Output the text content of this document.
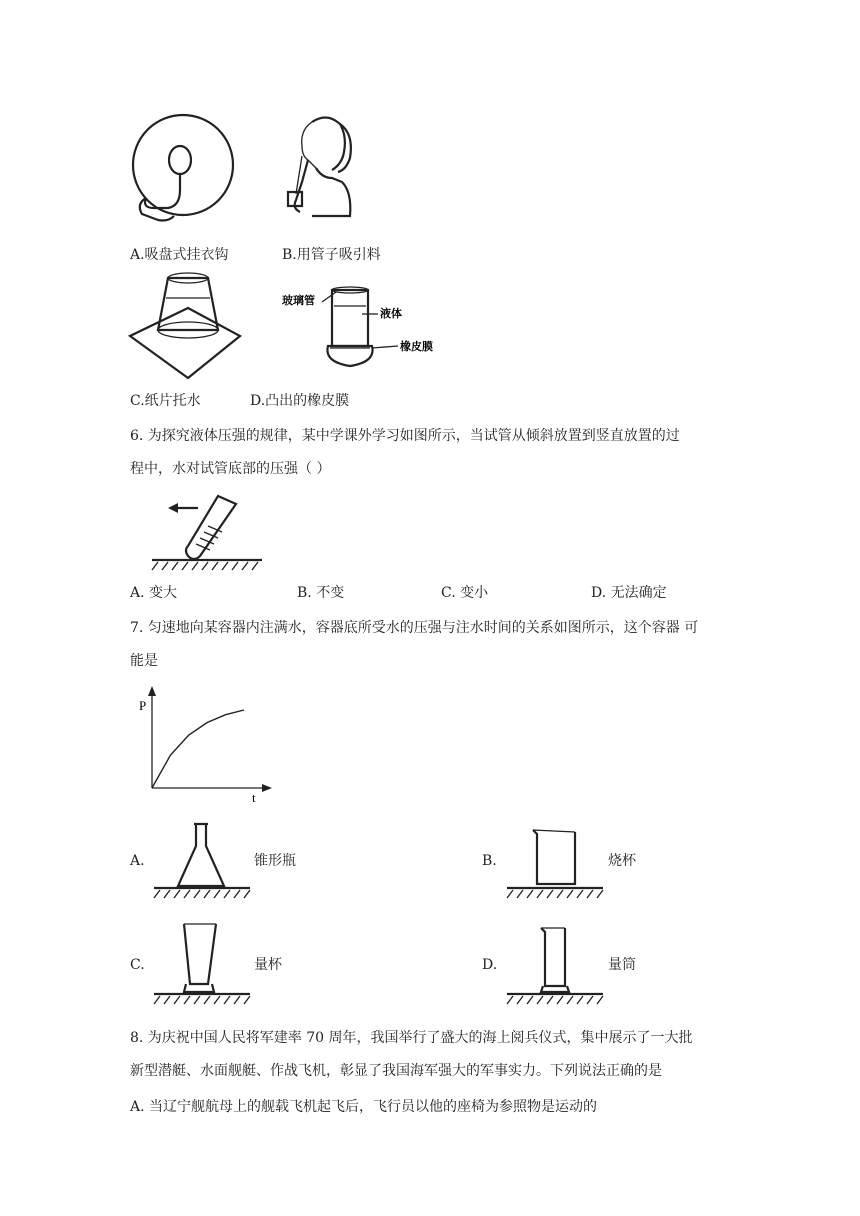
A.吸盘式挂衣钩	B.用管子吸引料
玻璃管
液体
橡皮膜
C.纸片托水	D.凸出的橡皮膜
6. 为探究液体压强的规律，某中学课外学习如图所示，当试管从倾斜放置到竖直放置的过
程中，水对试管底部的压强（ ）
A. 变大	B. 不变	C. 变小	D. 无法确定
7. 匀速地向某容器内注满水，容器底所受水的压强与注水时间的关系如图所示，这个容器 可
能是
P
t
A.	锥形瓶	B.	烧杯
C.	量杯	D.	量筒
8. 为庆祝中国人民将军建率 70 周年，我国举行了盛大的海上阅兵仪式，集中展示了一大批
新型潜艇、水面舰艇、作战飞机，彰显了我国海军强大的军事实力。下列说法正确的是
A. 当辽宁舰航母上的舰载飞机起飞后，飞行员以他的座椅为参照物是运动的
